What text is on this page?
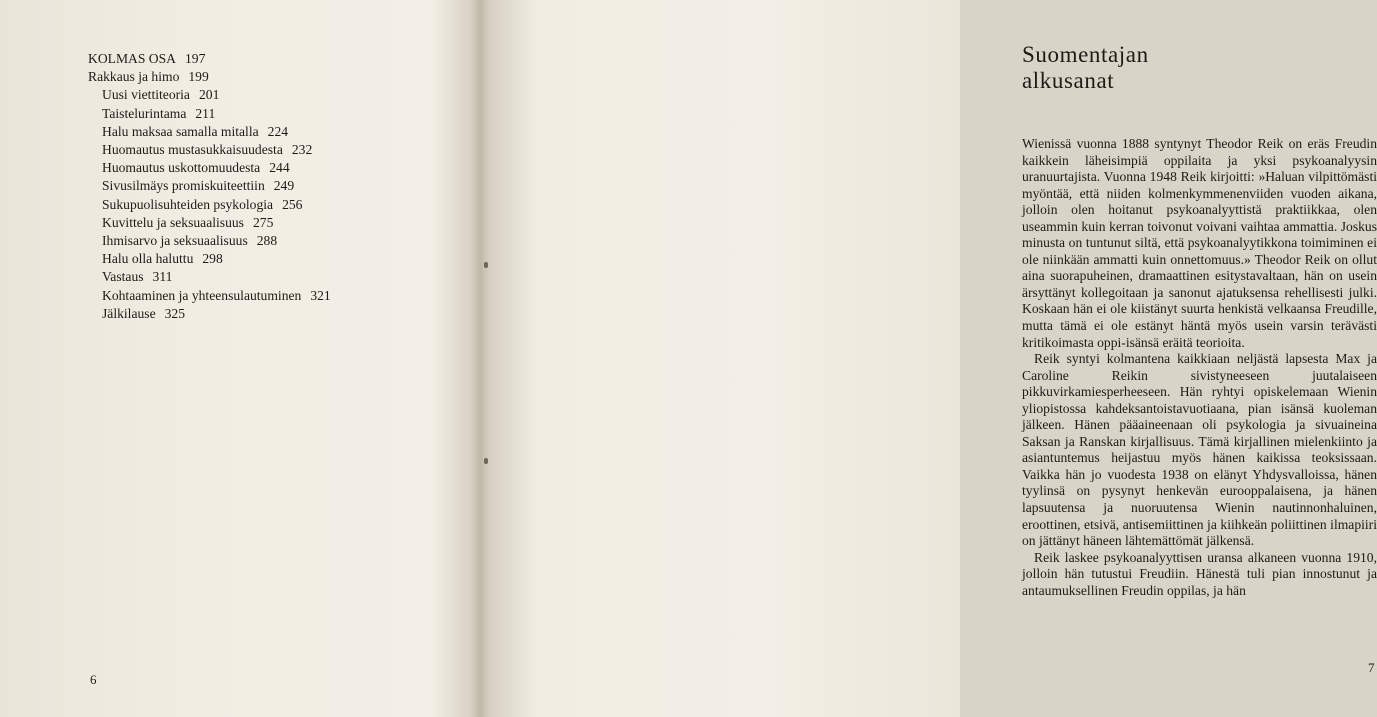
KOLMAS OSA 197
Rakkaus ja himo 199
Uusi viettiteoria 201
Taistelurintama 211
Halu maksaa samalla mitalla 224
Huomautus mustasukkaisuudesta 232
Huomautus uskottomuudesta 244
Sivusilmäys promiskuiteettiin 249
Sukupuolisuhteiden psykologia 256
Kuvittelu ja seksuaalisuus 275
Ihmisarvo ja seksuaalisuus 288
Halu olla haluttu 298
Vastaus 311
Kohtaaminen ja yhteensulautuminen 321
Jälkilause 325
6
Suomentajan alkusanat

Wienissä vuonna 1888 syntynyt Theodor Reik on eräs Freudin kaikkein läheisimpiä oppilaita ja yksi psykoanalyysin uranuurtajista. Vuonna 1948 Reik kirjoitti: »Haluan vilpittömästi myöntää, että niiden kolmenkymmenenviiden vuoden aikana, jolloin olen hoitanut psykoanalyyttistä praktiikkaa, olen useammin kuin kerran toivonut voivani vaihtaa ammattia. Joskus minusta on tuntunut siltä, että psykoanalyytikkona toimiminen ei ole niinkään ammatti kuin onnettomuus.» Theodor Reik on ollut aina suorapuheinen, dramaattinen esitystavaltaan, hän on usein ärsyttänyt kollegoitaan ja sanonut ajatuksensa rehellisesti julki. Koskaan hän ei ole kiistänyt suurta henkistä velkaansa Freudille, mutta tämä ei ole estänyt häntä myös usein varsin terävästi kritikoimasta oppi-isänsä eräitä teorioita.

Reik syntyi kolmantena kaikkiaan neljästä lapsesta Max ja Caroline Reikin sivistyneeseen juutalaiseen pikkuvirkamiesperheeseen. Hän ryhtyi opiskelemaan Wienin yliopistossa kahdeksantoistavuotiaana, pian isänsä kuoleman jälkeen. Hänen pääaineenaan oli psykologia ja sivuaineina Saksan ja Ranskan kirjallisuus. Tämä kirjallinen mielenkiinto ja asiantuntemus heijastuu myös hänen kaikissa teoksissaan. Vaikka hän jo vuodesta 1938 on elänyt Yhdysvalloissa, hänen tyylinsä on pysynyt henkevän eurooppalaisena, ja hänen lapsuutensa ja nuoruutensa Wienin nautinnonhaluinen, eroottinen, etsivä, antisemiittinen ja kiihkeän poliittinen ilmapiiri on jättänyt häneen lähtemättömät jälkensä.

Reik laskee psykoanalyyttisen uransa alkaneen vuonna 1910, jolloin hän tutustui Freudiin. Hänestä tuli pian innostunut ja antaumuksellinen Freudin oppilas, ja hän

7
